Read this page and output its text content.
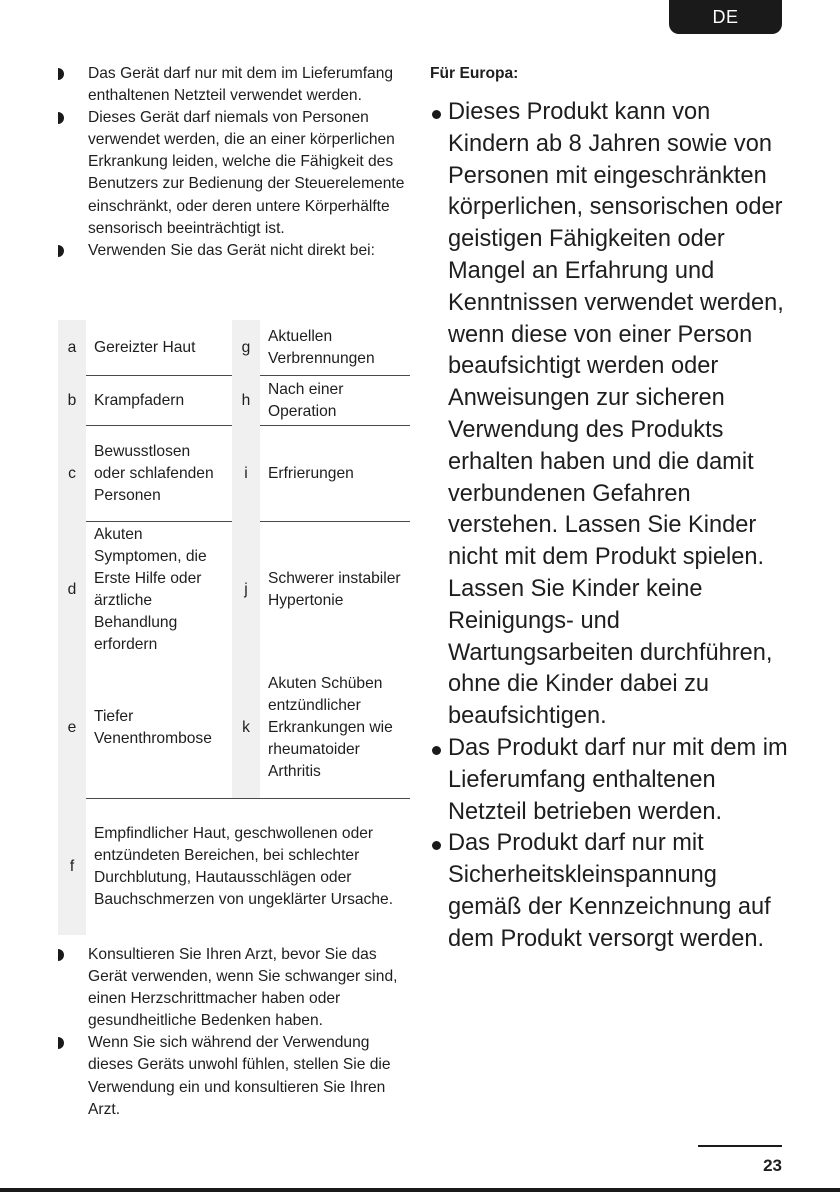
DE
Das Gerät darf nur mit dem im Lieferumfang enthaltenen Netzteil verwendet werden.
Dieses Gerät darf niemals von Personen verwendet werden, die an einer körperlichen Erkrankung leiden, welche die Fähigkeit des Benutzers zur Bedienung der Steuerelemente einschränkt, oder deren untere Körperhälfte sensorisch beeinträchtigt ist.
Verwenden Sie das Gerät nicht direkt bei:
a	Gereizter Haut	g	Aktuellen Verbrennungen
b	Krampfadern	h	Nach einer Operation
c	Bewusstlosen oder schlafenden Personen	i	Erfrierungen
d	Akuten Symptomen, die Erste Hilfe oder ärztliche Behandlung erfordern	j	Schwerer instabiler Hypertonie
e	Tiefer Venenthrombose	k	Akuten Schüben entzündlicher Erkrankungen wie rheumatoider Arthritis
f	Empfindlicher Haut, geschwollenen oder entzündeten Bereichen, bei schlechter Durchblutung, Hautausschlägen oder Bauchschmerzen von ungeklärter Ursache.		
Konsultieren Sie Ihren Arzt, bevor Sie das Gerät verwenden, wenn Sie schwanger sind, einen Herzschrittmacher haben oder gesundheitliche Bedenken haben.
Wenn Sie sich während der Verwendung dieses Geräts unwohl fühlen, stellen Sie die Verwendung ein und konsultieren Sie Ihren Arzt.

Für Europa:

Dieses Produkt kann von Kindern ab 8 Jahren sowie von Personen mit eingeschränkten körperlichen, sensorischen oder geistigen Fähigkeiten oder Mangel an Erfahrung und Kenntnissen verwendet werden, wenn diese von einer Person beaufsichtigt werden oder Anweisungen zur sicheren Verwendung des Produkts erhalten haben und die damit verbundenen Gefahren verstehen. Lassen Sie Kinder nicht mit dem Produkt spielen. Lassen Sie Kinder keine Reinigungs- und Wartungsarbeiten durchführen, ohne die Kinder dabei zu beaufsichtigen.
Das Produkt darf nur mit dem im Lieferumfang enthaltenen Netzteil betrieben werden.
Das Produkt darf nur mit Sicherheitskleinspannung gemäß der Kennzeichnung auf dem Produkt versorgt werden.
23
